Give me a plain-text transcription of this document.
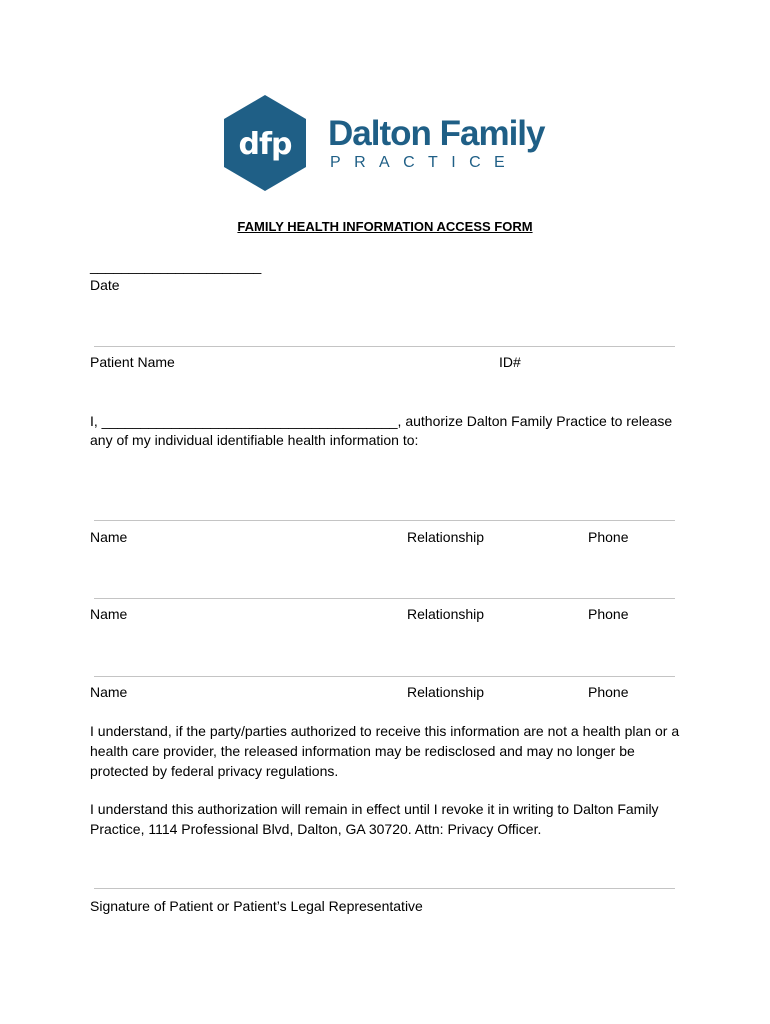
dfp Dalton Family
PRACTICE
FAMILY HEALTH INFORMATION ACCESS FORM
______________________
Date
Patient Name	ID#
I, ______________________________________, authorize Dalton Family Practice to release
any of my individual identifiable health information to:
Name	Relationship	Phone
Name	Relationship	Phone
Name	Relationship	Phone
I understand, if the party/parties authorized to receive this information are not a health plan or a
health care provider, the released information may be redisclosed and may no longer be
protected by federal privacy regulations.
I understand this authorization will remain in effect until I revoke it in writing to Dalton Family
Practice, 1114 Professional Blvd, Dalton, GA 30720. Attn: Privacy Officer.
Signature of Patient or Patient’s Legal Representative
